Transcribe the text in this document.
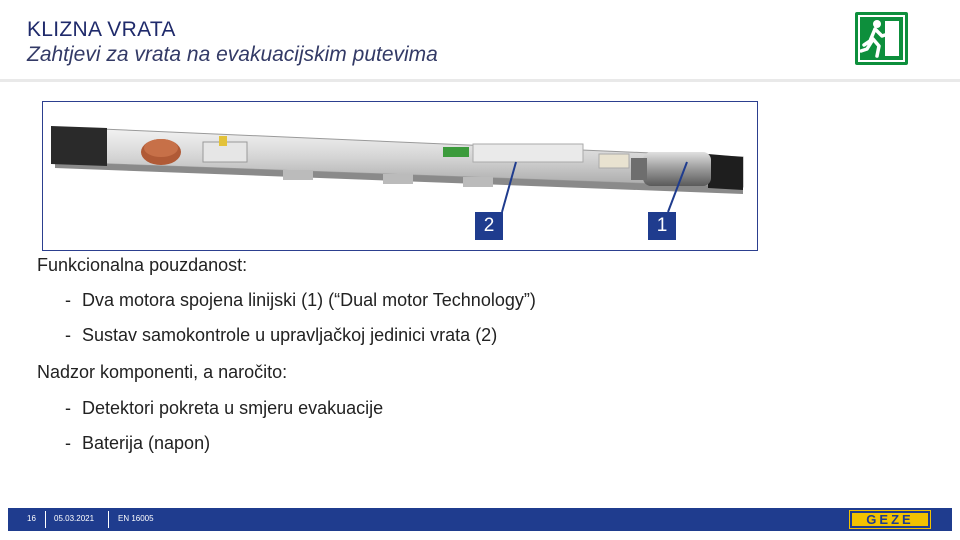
KLIZNA VRATA
Zahtjevi za vrata na evakuacijskim putevima
2	1
Funkcionalna pouzdanost:
- Dva motora spojena linijski (1) (“Dual motor Technology”)
- Sustav samokontrole u upravljačkoj jedinici vrata (2)
Nadzor komponenti, a naročito:
- Detektori pokreta u smjeru evakuacije
- Baterija (napon)
16 05.03.2021	EN 16005	GEZE
